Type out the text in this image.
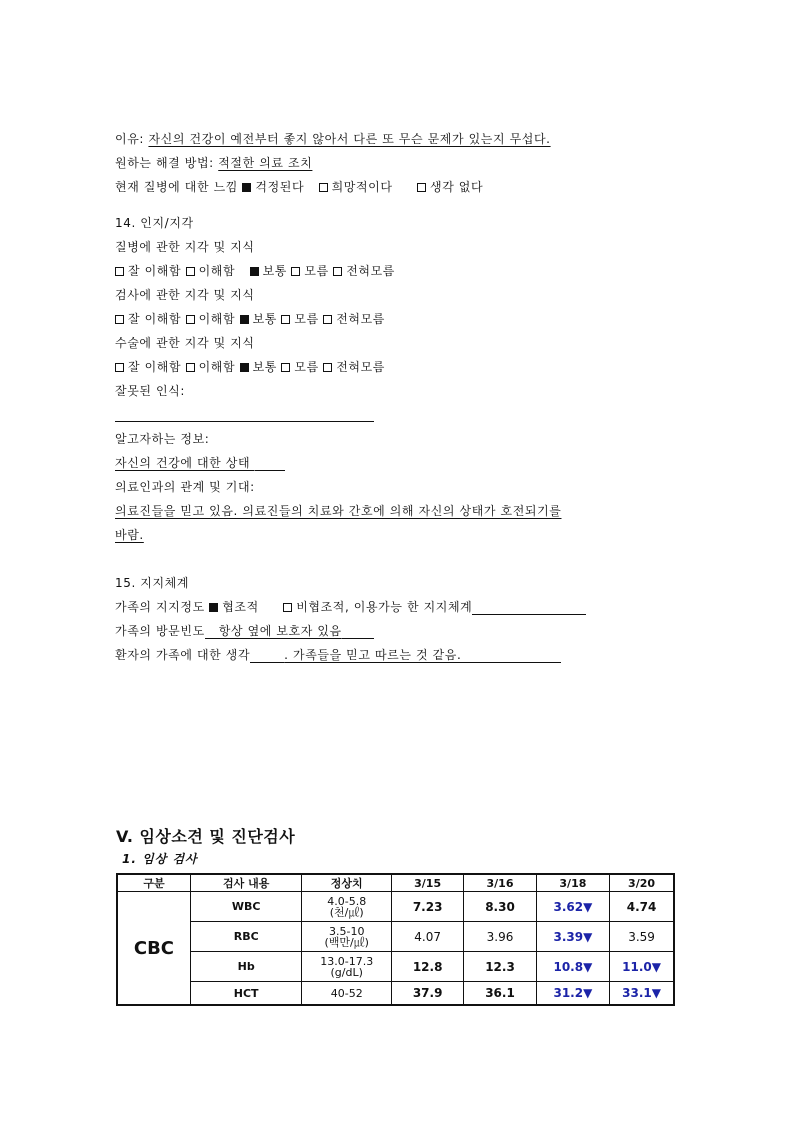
이유: 자신의 건강이 예전부터 좋지 않아서 다른 또 무슨 문제가 있는지 무섭다.
원하는 해결 방법: 적절한 의료 조치
현재 질병에 대한 느낌 걱정된다 희망적이다	생각 없다
14. 인지/지각
질병에 관한 지각 및 지식
잘 이해함 이해함 보통 모름 전혀모름
검사에 관한 지각 및 지식
잘 이해함 이해함 보통 모름 전혀모름
수술에 관한 지각 및 지식
잘 이해함 이해함 보통 모름 전혀모름
잘못된 인식:
알고자하는 정보:
자신의 건강에 대한 상태
의료인과의 관계 및 기대:
의료진들을 믿고 있음. 의료진들의 치료와 간호에 의해 자신의 상태가 호전되기를
바람.
15. 지지체계
가족의 지지정도 협조적	비협조적, 이용가능 한 지지체계
가족의 방문빈도 항상 옆에 보호자 있음
환자의 가족에 대한 생각	. 가족들을 믿고 따르는 것 같음.
V. 임상소견 및 진단검사
1. 임상 검사
구분	검사 내용	정상치	3/15	3/16	3/18	3/20
CBC	WBC	4.0-5.8
(천/㎕)	7.23	8.30	3.62▼	4.74
	RBC	3.5-10
(백만/㎕)	4.07	3.96	3.39▼	3.59
	Hb	13.0-17.3
(g/dL)	12.8	12.3	10.8▼	11.0▼
	HCT	40-52	37.9	36.1	31.2▼	33.1▼
